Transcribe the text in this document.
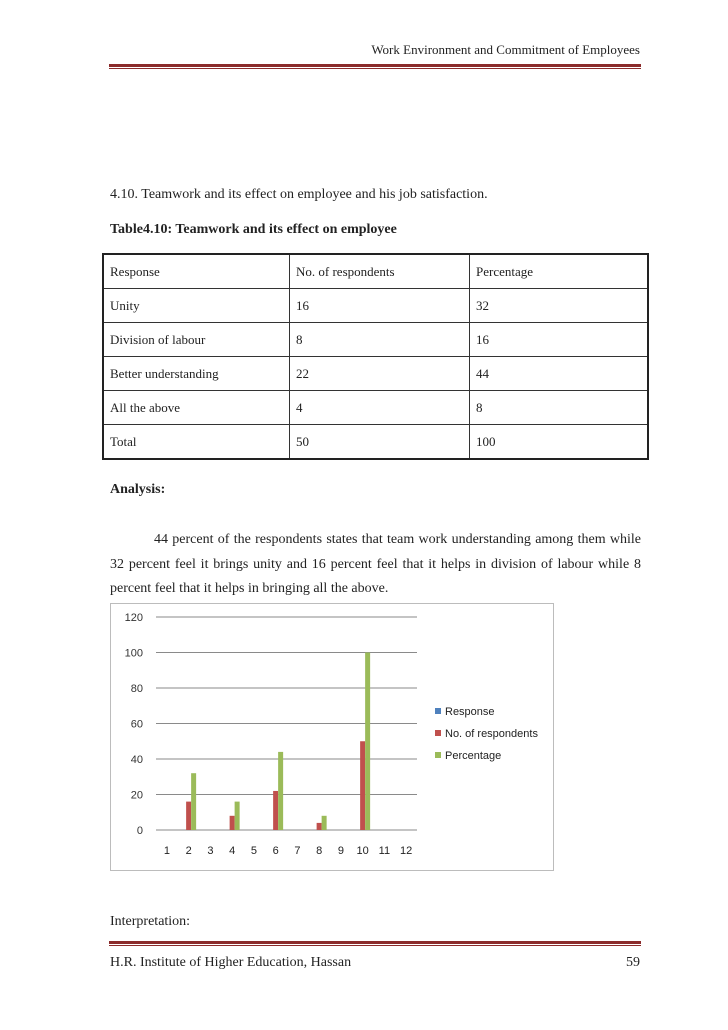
Work Environment and Commitment of Employees
4.10. Teamwork and its effect on employee and his job satisfaction.
Table4.10: Teamwork and its effect on employee
Response	No. of respondents	Percentage
Unity	16	32
Division of labour	8	16
Better understanding	22	44
All the above	4	8
Total	50	100
Analysis:
44 percent of the respondents states that team work understanding among them while 32 percent feel it brings unity and 16 percent feel that it helps in division of labour while 8 percent feel that it helps in bringing all the above.
0
20
40
60
80
100
120
1 2 3 4 5 6 7 8 9 10 11 12
Response
No. of respondents
Percentage
Interpretation:
H.R. Institute of Higher Education, Hassan	59
